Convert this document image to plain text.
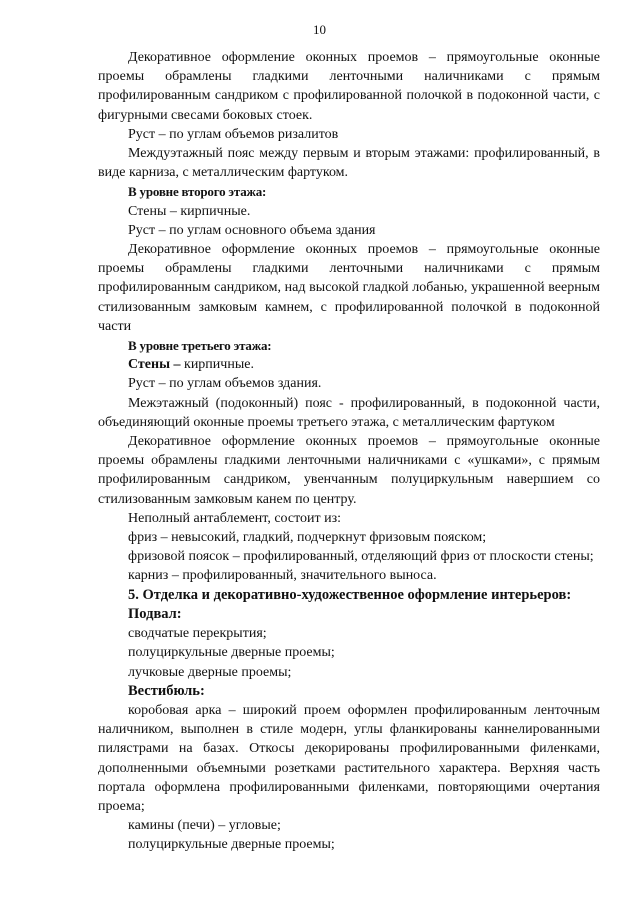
10

Декоративное оформление оконных проемов – прямоугольные оконные проемы обрамлены гладкими ленточными наличниками с прямым профилированным сандриком с профилированной полочкой в подоконной части, с фигурными свесами боковых стоек.

Руст – по углам объемов ризалитов

Междуэтажный пояс между первым и вторым этажами: профилированный, в виде карниза, с металлическим фартуком.

В уровне второго этажа:

Стены – кирпичные.

Руст – по углам основного объема здания

Декоративное оформление оконных проемов – прямоугольные оконные проемы обрамлены гладкими ленточными наличниками с прямым профилированным сандриком, над высокой гладкой лобанью, украшенной веерным стилизованным замковым камнем, с профилированной полочкой в подоконной части

В уровне третьего этажа:

Стены – кирпичные.

Руст – по углам объемов здания.

Межэтажный (подоконный) пояс - профилированный, в подоконной части, объединяющий оконные проемы третьего этажа, с металлическим фартуком

Декоративное оформление оконных проемов – прямоугольные оконные проемы обрамлены гладкими ленточными наличниками с «ушками», с прямым профилированным сандриком, увенчанным полуциркульным навершием со стилизованным замковым канем по центру.

Неполный антаблемент, состоит из:

фриз – невысокий, гладкий, подчеркнут фризовым пояском;

фризовой поясок – профилированный, отделяющий фриз от плоскости стены;

карниз – профилированный, значительного выноса.

5. Отделка и декоративно-художественное оформление интерьеров:

Подвал:

сводчатые перекрытия;

полуциркульные дверные проемы;

лучковые дверные проемы;

Вестибюль:

коробовая арка – широкий проем оформлен профилированным ленточным наличником, выполнен в стиле модерн, углы фланкированы каннелированными пилястрами на базах. Откосы декорированы профилированными филенками, дополненными объемными розетками растительного характера. Верхняя часть портала оформлена профилированными филенками, повторяющими очертания проема;

камины (печи) – угловые;

полуциркульные дверные проемы;
